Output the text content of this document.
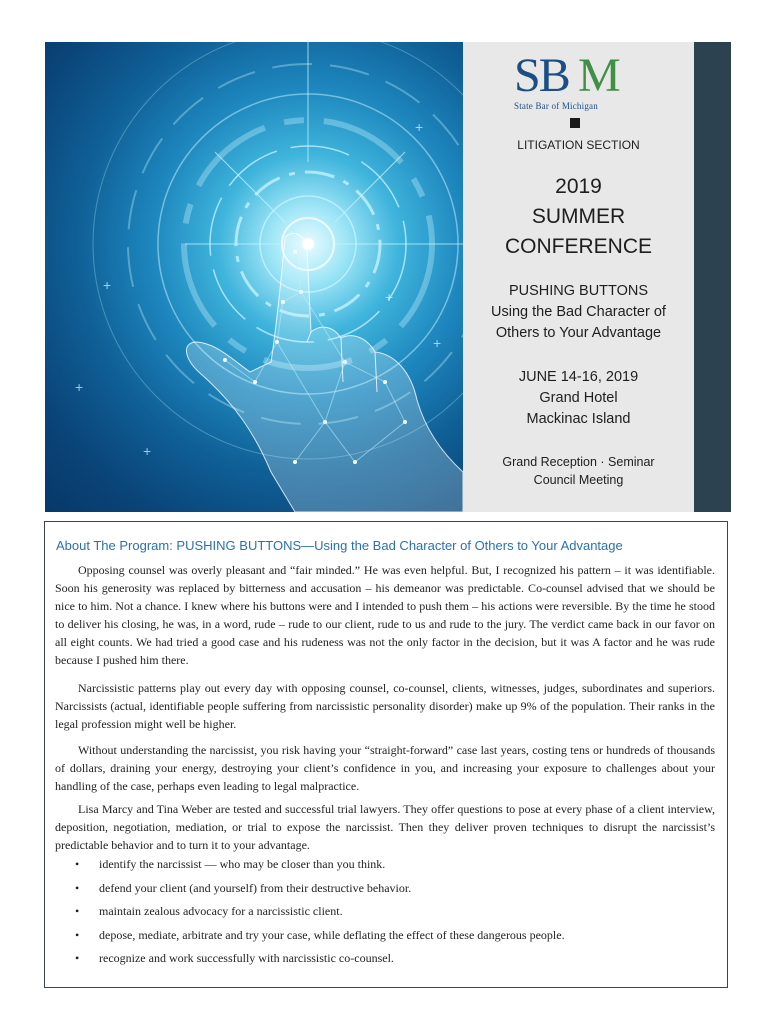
+
+
+
+
+
+
SB M
State Bar of Michigan
LITIGATION SECTION
2019
SUMMER
CONFERENCE
PUSHING BUTTONS
Using the Bad Character of
Others to Your Advantage
JUNE 14-16, 2019
Grand Hotel
Mackinac Island
Grand Reception · Seminar
Council Meeting
About The Program: PUSHING BUTTONS—Using the Bad Character of Others to Your Advantage

Opposing counsel was overly pleasant and “fair minded.” He was even helpful. But, I recognized his pattern – it was identifiable. Soon his generosity was replaced by bitterness and accusation – his demeanor was predictable. Co-counsel advised that we should be nice to him. Not a chance. I knew where his buttons were and I intended to push them – his actions were reversible. By the time he stood to deliver his closing, he was, in a word, rude – rude to our client, rude to us and rude to the jury. The verdict came back in our favor on all eight counts. We had tried a good case and his rudeness was not the only factor in the decision, but it was A factor and he was rude because I pushed him there.

Narcissistic patterns play out every day with opposing counsel, co-counsel, clients, witnesses, judges, subordinates and superiors. Narcissists (actual, identifiable people suffering from narcissistic personality disorder) make up 9% of the population. Their ranks in the legal profession might well be higher.

Without understanding the narcissist, you risk having your “straight-forward” case last years, costing tens or hundreds of thousands of dollars, draining your energy, destroying your client’s confidence in you, and increasing your exposure to challenges about your handling of the case, perhaps even leading to legal malpractice.

Lisa Marcy and Tina Weber are tested and successful trial lawyers. They offer questions to pose at every phase of a client interview, deposition, negotiation, mediation, or trial to expose the narcissist. Then they deliver proven techniques to disrupt the narcissist’s predictable behavior and to turn it to your advantage.

• identify the narcissist — who may be closer than you think.
• defend your client (and yourself) from their destructive behavior.
• maintain zealous advocacy for a narcissistic client.
• depose, mediate, arbitrate and try your case, while deflating the effect of these dangerous people.
• recognize and work successfully with narcissistic co-counsel.
